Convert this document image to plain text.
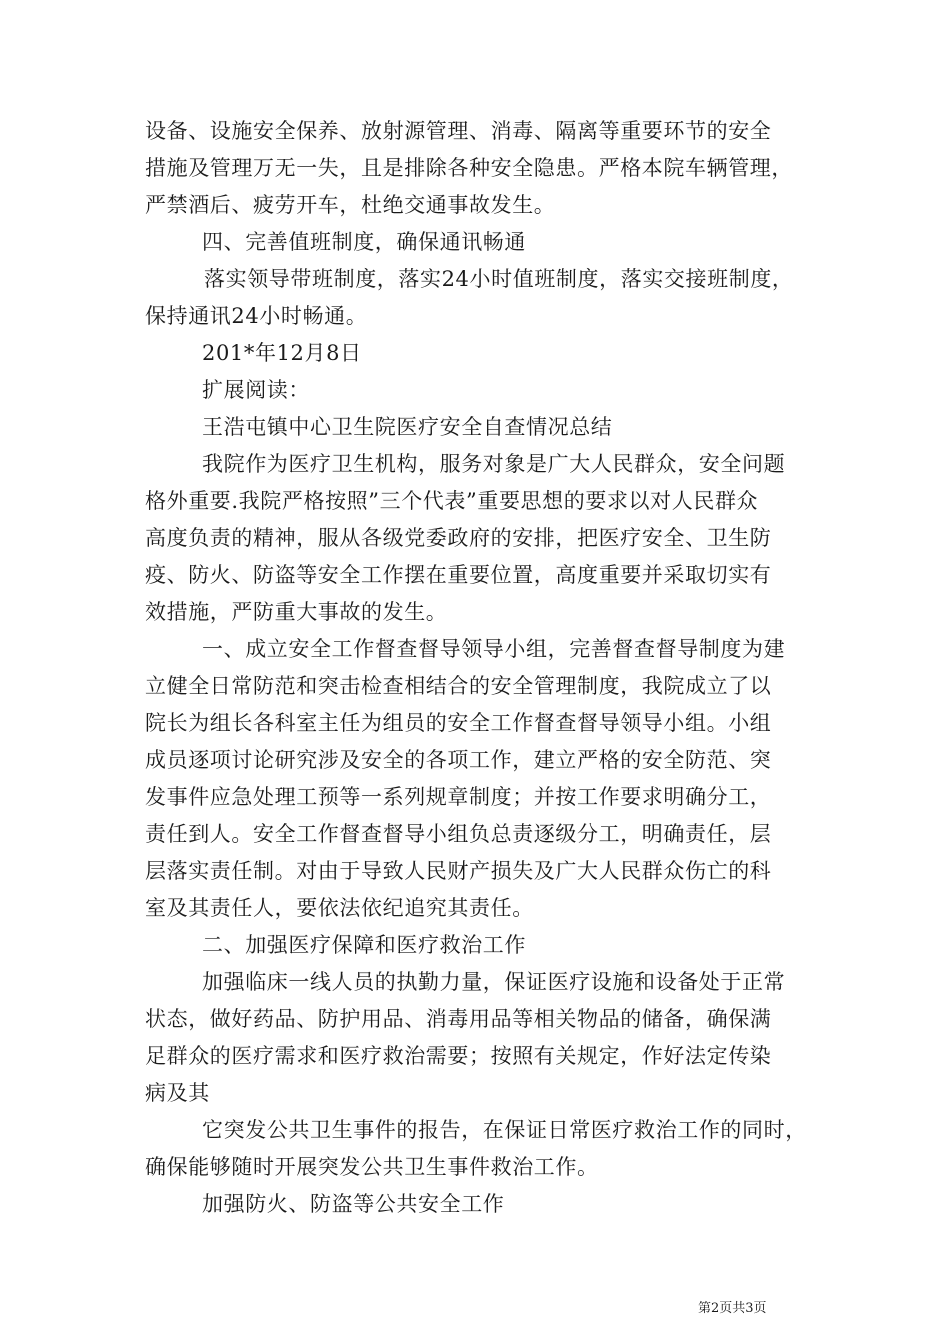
设备、设施安全保养、放射源管理、消毒、隔离等重要环节的安全
措施及管理万无一失，且是排除各种安全隐患。严格本院车辆管理，
严禁酒后、疲劳开车，杜绝交通事故发生。
四、完善值班制度，确保通讯畅通
落实领导带班制度，落实24小时值班制度，落实交接班制度，
保持通讯24小时畅通。
201*年12月8日
扩展阅读：
王浩屯镇中心卫生院医疗安全自查情况总结
我院作为医疗卫生机构，服务对象是广大人民群众，安全问题
格外重要.我院严格按照”三个代表”重要思想的要求以对人民群众
高度负责的精神，服从各级党委政府的安排，把医疗安全、卫生防
疫、防火、防盗等安全工作摆在重要位置，高度重要并采取切实有
效措施，严防重大事故的发生。
一、成立安全工作督查督导领导小组，完善督查督导制度为建
立健全日常防范和突击检查相结合的安全管理制度，我院成立了以
院长为组长各科室主任为组员的安全工作督查督导领导小组。小组
成员逐项讨论研究涉及安全的各项工作，建立严格的安全防范、突
发事件应急处理工预等一系列规章制度；并按工作要求明确分工，
责任到人。安全工作督查督导小组负总责逐级分工，明确责任，层
层落实责任制。对由于导致人民财产损失及广大人民群众伤亡的科
室及其责任人，要依法依纪追究其责任。
二、加强医疗保障和医疗救治工作
加强临床一线人员的执勤力量，保证医疗设施和设备处于正常
状态，做好药品、防护用品、消毒用品等相关物品的储备，确保满
足群众的医疗需求和医疗救治需要；按照有关规定，作好法定传染
病及其
它突发公共卫生事件的报告，在保证日常医疗救治工作的同时，
确保能够随时开展突发公共卫生事件救治工作。
加强防火、防盗等公共安全工作
第2页共3页
